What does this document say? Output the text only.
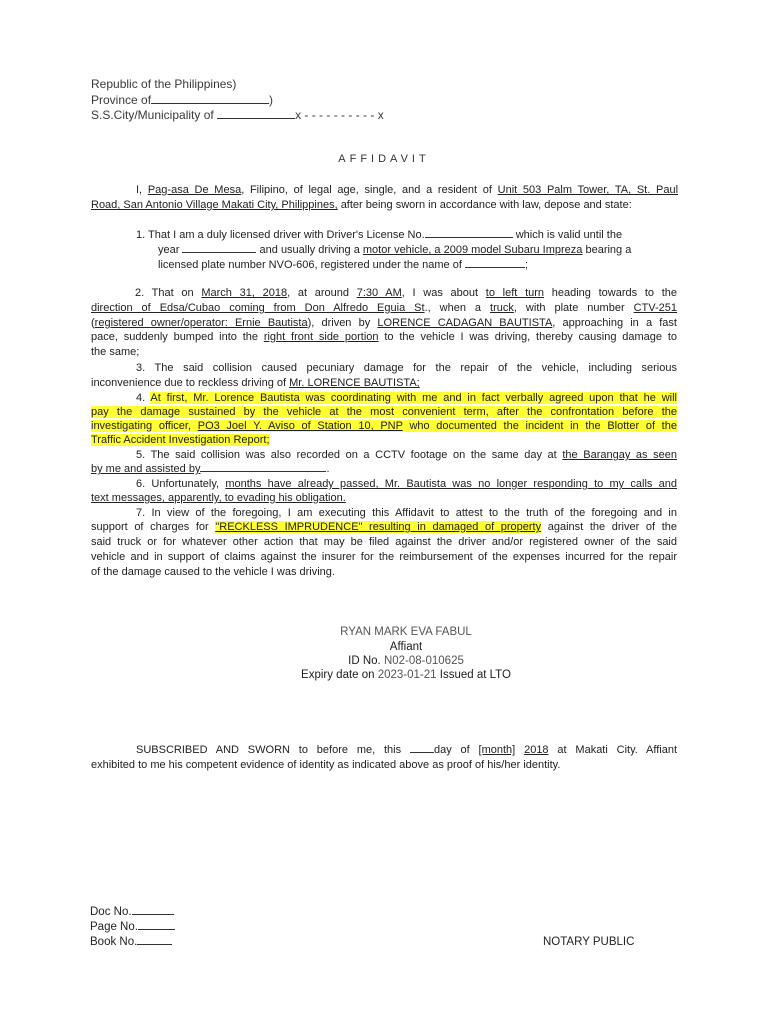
Republic of the Philippines)
Province of	)
S.S.City/Municipality of	x - - - - - - - - - - x
AFFIDAVIT
I, Pag-asa De Mesa, Filipino, of legal age, single, and a resident of Unit 503 Palm Tower, TA, St. Paul
Road, San Antonio Village Makati City, Philippines, after being sworn in accordance with law, depose and state:
1. That I am a duly licensed driver with Driver's License No.	which is valid until the
year	and usually driving a motor vehicle, a 2009 model Subaru Impreza bearing a
licensed plate number NVO-606, registered under the name of	;
2. That on March 31, 2018, at around 7:30 AM, I was about to left turn heading towards to the
direction of Edsa/Cubao coming from Don Alfredo Eguia St., when a truck, with plate number CTV-251
(registered owner/operator: Ernie Bautista), driven by LORENCE CADAGAN BAUTISTA, approaching in a fast
pace, suddenly bumped into the right front side portion to the vehicle I was driving, thereby causing damage to
the same;
3. The said collision caused pecuniary damage for the repair of the vehicle, including serious
inconvenience due to reckless driving of Mr. LORENCE BAUTISTA;
4. At first, Mr. Lorence Bautista was coordinating with me and in fact verbally agreed upon that he will
pay the damage sustained by the vehicle at the most convenient term, after the confrontation before the
investigating officer, PO3 Joel Y. Aviso of Station 10, PNP who documented the incident in the Blotter of the
Traffic Accident Investigation Report;
5. The said collision was also recorded on a CCTV footage on the same day at the Barangay as seen
by me and assisted by	.
6. Unfortunately, months have already passed, Mr. Bautista was no longer responding to my calls and
text messages, apparently, to evading his obligation.
7. In view of the foregoing, I am executing this Affidavit to attest to the truth of the foregoing and in
support of charges for "RECKLESS IMPRUDENCE" resulting in damaged of property against the driver of the
said truck or for whatever other action that may be filed against the driver and/or registered owner of the said
vehicle and in support of claims against the insurer for the reimbursement of the expenses incurred for the repair
of the damage caused to the vehicle I was driving.
RYAN MARK EVA FABUL
Affiant
ID No. N02-08-010625
Expiry date on 2023-01-21 Issued at LTO
SUBSCRIBED AND SWORN to before me, this	day of [month] 2018 at Makati City. Affiant
exhibited to me his competent evidence of identity as indicated above as proof of his/her identity.
Doc No.
Page No.
Book No.	NOTARY PUBLIC
